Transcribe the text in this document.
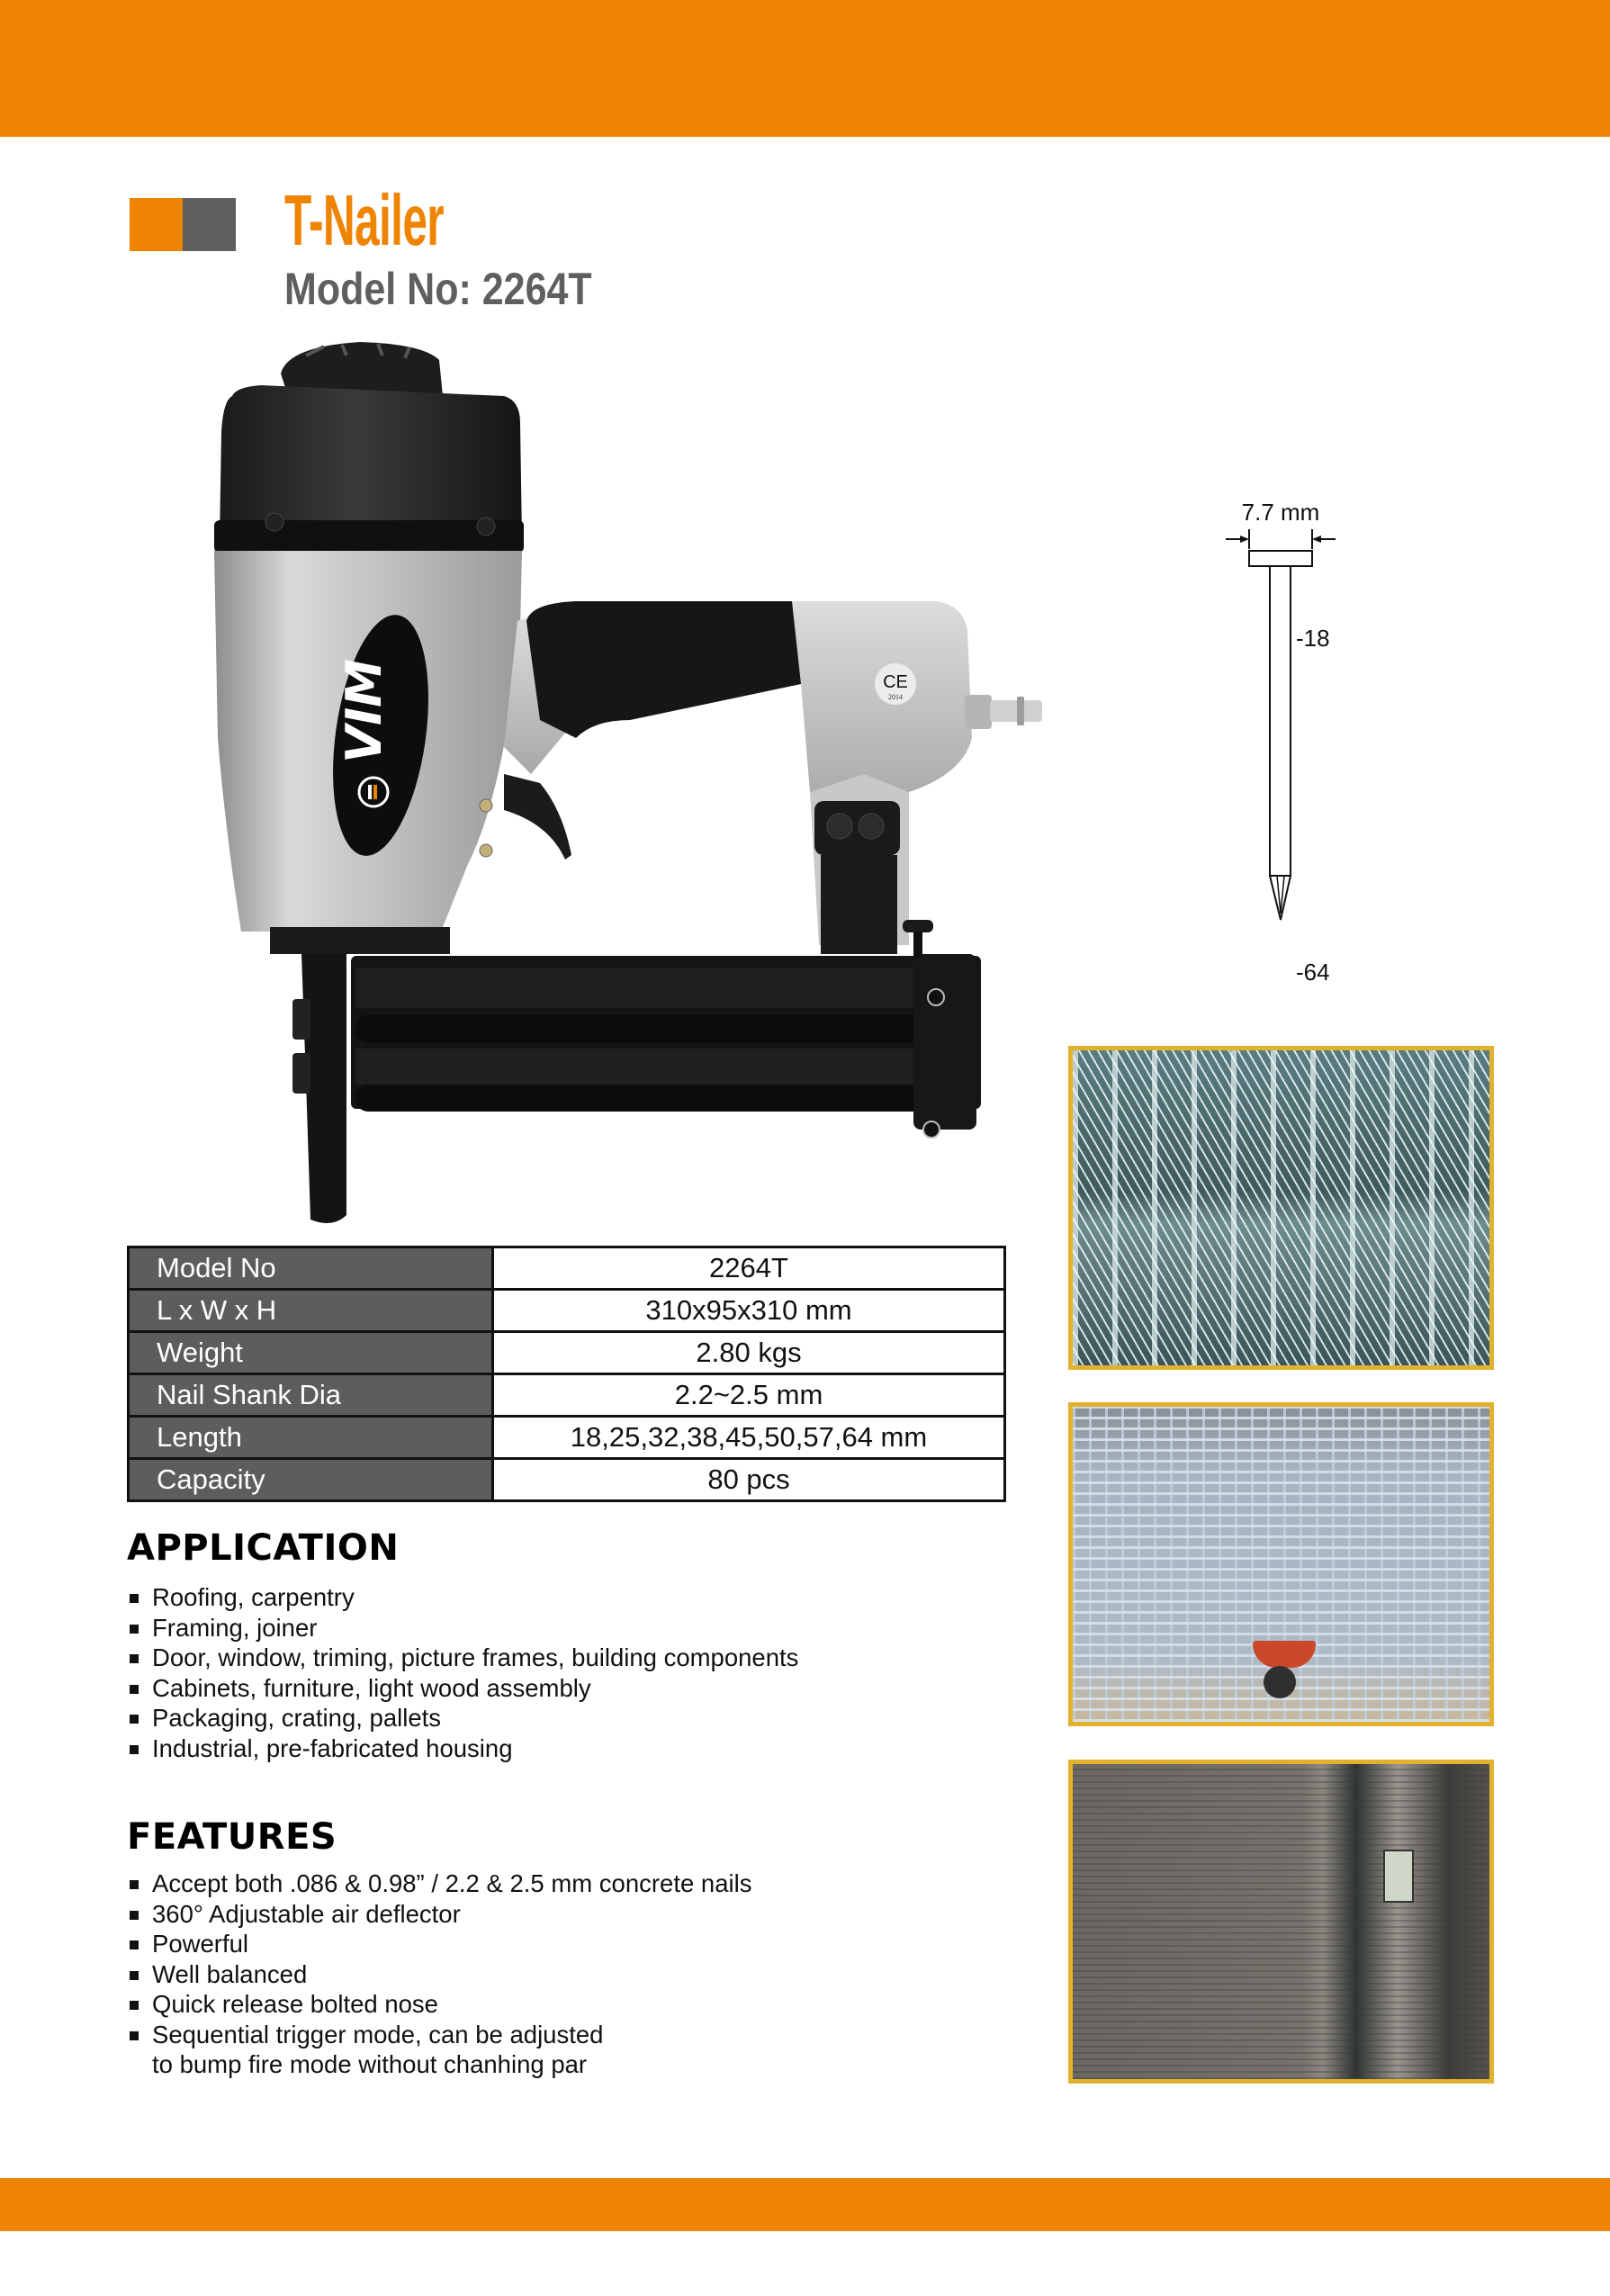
T-Nailer
Model No: 2264T
VIM	CE
2014
7.7 mm
-18
-64
Model No	2264T
L x W x H	310x95x310 mm
Weight	2.80 kgs
Nail Shank Dia	2.2~2.5 mm
Length	18,25,32,38,45,50,57,64 mm
Capacity	80 pcs
APPLICATION
Roofing, carpentry
Framing, joiner
Door, window, triming, picture frames, building components
Cabinets, furniture, light wood assembly
Packaging, crating, pallets
Industrial, pre-fabricated housing
FEATURES
Accept both .086 & 0.98” / 2.2 & 2.5 mm concrete nails
360° Adjustable air deflector
Powerful
Well balanced
Quick release bolted nose
Sequential trigger mode, can be adjusted
to bump fire mode without chanhing par
